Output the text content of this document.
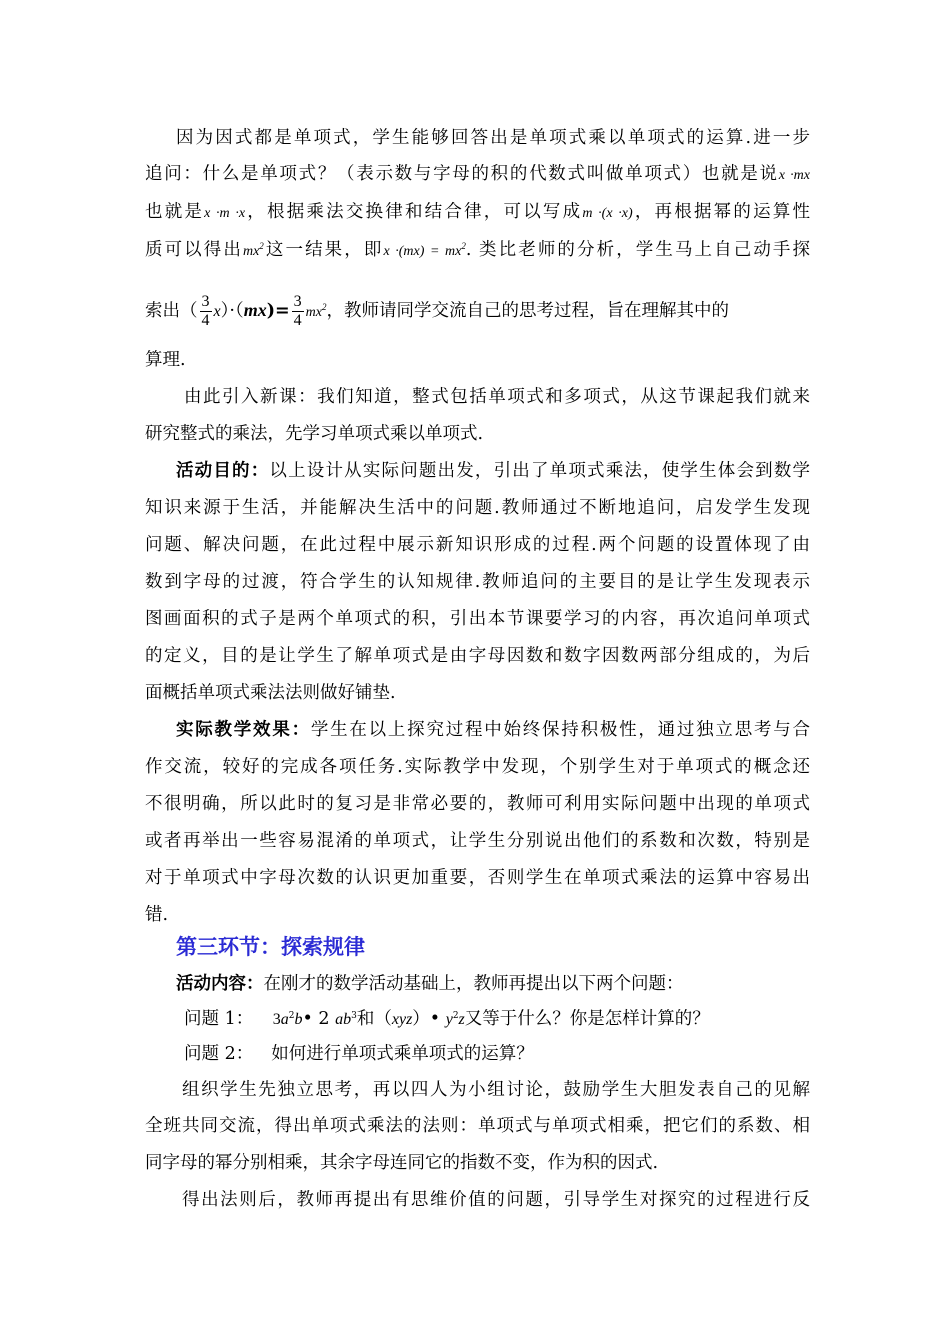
因为因式都是单项式，学生能够回答出是单项式乘以单项式的运算.进一步
追问：什么是单项式？（表示数与字母的积的代数式叫做单项式）也就是说x ·mx
也就是x ·m ·x，根据乘法交换律和结合律，可以写成m ·(x ·x)，再根据幂的运算性
质可以得出$mx^2$这一结果，即$x \cdot(mx) = mx^2$. 类比老师的分析，学生马上自己动手探
索出（ $\frac{3}{4} x)\cdot(mx)= \frac{3}{4} mx^2$，教师请同学交流自己的思考过程，旨在理解其中的
算理.
由此引入新课：我们知道，整式包括单项式和多项式，从这节课起我们就来
研究整式的乘法，先学习单项式乘以单项式.
活动目的：以上设计从实际问题出发，引出了单项式乘法，使学生体会到数学
知识来源于生活，并能解决生活中的问题.教师通过不断地追问，启发学生发现
问题、解决问题，在此过程中展示新知识形成的过程.两个问题的设置体现了由
数到字母的过渡，符合学生的认知规律.教师追问的主要目的是让学生发现表示
图画面积的式子是两个单项式的积，引出本节课要学习的内容，再次追问单项式
的定义，目的是让学生了解单项式是由字母因数和数字因数两部分组成的，为后
面概括单项式乘法法则做好铺垫.
实际教学效果：学生在以上探究过程中始终保持积极性，通过独立思考与合
作交流，较好的完成各项任务.实际教学中发现，个别学生对于单项式的概念还
不很明确，所以此时的复习是非常必要的，教师可利用实际问题中出现的单项式
或者再举出一些容易混淆的单项式，让学生分别说出他们的系数和次数，特别是
对于单项式中字母次数的认识更加重要，否则学生在单项式乘法的运算中容易出
错.
第三环节：探索规律
活动内容：在刚才的数学活动基础上，教师再提出以下两个问题：
问题 1： $3a^2b•$ 2 $ab^3$和（xyz）• $y^2z$又等于什么？你是怎样计算的？
问题 2： 如何进行单项式乘单项式的运算？
组织学生先独立思考，再以四人为小组讨论，鼓励学生大胆发表自己的见解
全班共同交流，得出单项式乘法的法则：单项式与单项式相乘，把它们的系数、相
同字母的幂分别相乘，其余字母连同它的指数不变，作为积的因式.
得出法则后，教师再提出有思维价值的问题，引导学生对探究的过程进行反
